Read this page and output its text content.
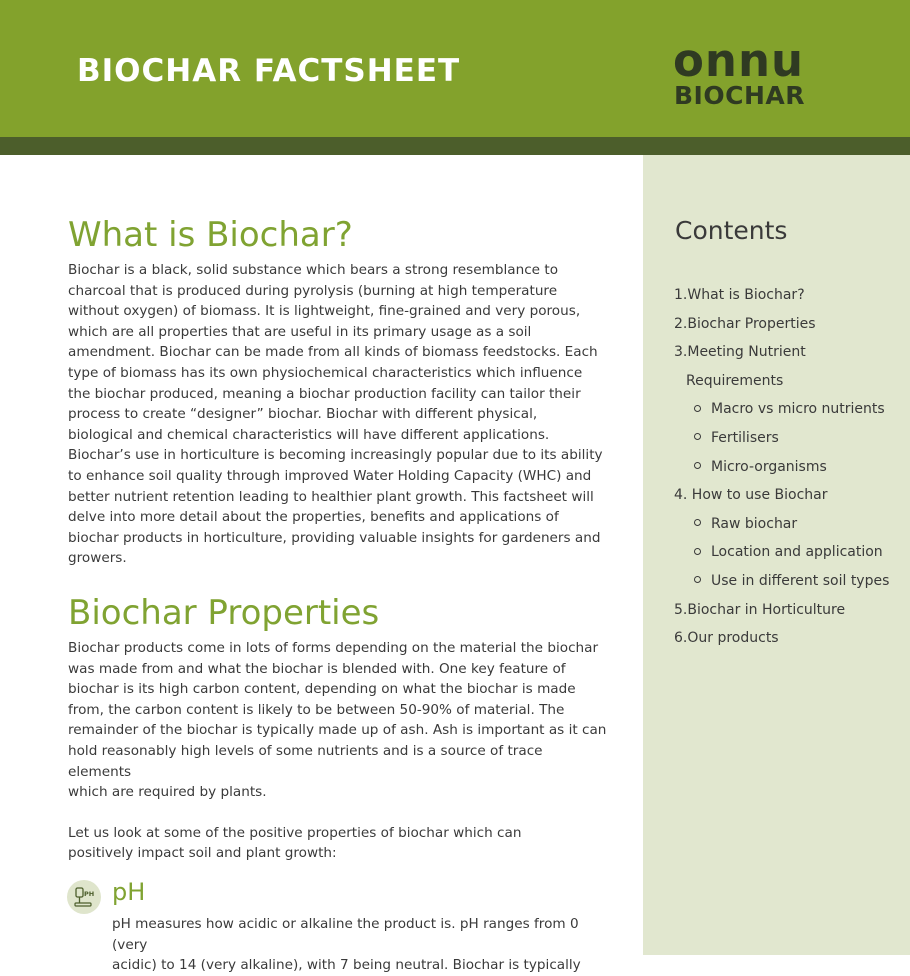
BIOCHAR FACTSHEET	onnu
BIOCHAR
Contents
1.What is Biochar?
2.Biochar Properties
3.Meeting Nutrient
Requirements
Macro vs micro nutrients
Fertilisers
Micro-organisms
4. How to use Biochar
Raw biochar
Location and application
Use in different soil types
5.Biochar in Horticulture
6.Our products
What is Biochar?
Biochar is a black, solid substance which bears a strong resemblance to
charcoal that is produced during pyrolysis (burning at high temperature
without oxygen) of biomass. It is lightweight, fine-grained and very porous,
which are all properties that are useful in its primary usage as a soil
amendment. Biochar can be made from all kinds of biomass feedstocks. Each
type of biomass has its own physiochemical characteristics which influence
the biochar produced, meaning a biochar production facility can tailor their
process to create “designer” biochar. Biochar with different physical,
biological and chemical characteristics will have different applications.
Biochar’s use in horticulture is becoming increasingly popular due to its ability
to enhance soil quality through improved Water Holding Capacity (WHC) and
better nutrient retention leading to healthier plant growth. This factsheet will
delve into more detail about the properties, benefits and applications of
biochar products in horticulture, providing valuable insights for gardeners and
growers.
Biochar Properties
Biochar products come in lots of forms depending on the material the biochar
was made from and what the biochar is blended with. One key feature of
biochar is its high carbon content, depending on what the biochar is made
from, the carbon content is likely to be between 50-90% of material. The
remainder of the biochar is typically made up of ash. Ash is important as it can
hold reasonably high levels of some nutrients and is a source of trace elements
which are required by plants.
Let us look at some of the positive properties of biochar which can
positively impact soil and plant growth:
PH pH
pH measures how acidic or alkaline the product is. pH ranges from 0 (very
acidic) to 14 (very alkaline), with 7 being neutral. Biochar is typically
